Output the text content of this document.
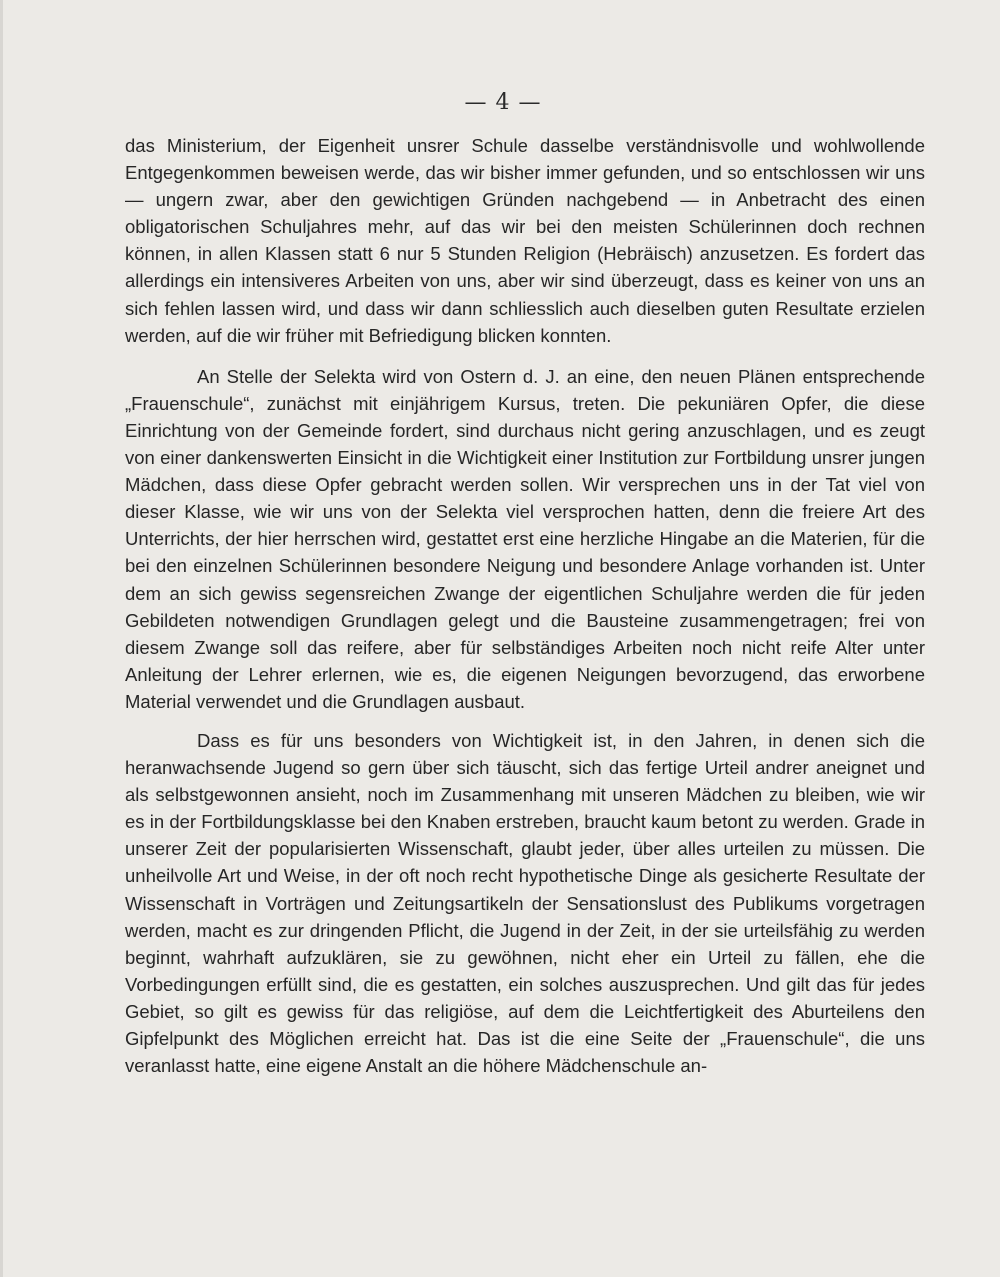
— 4 —

das Ministerium, der Eigenheit unsrer Schule dasselbe verständnisvolle und wohlwollende Entgegenkommen beweisen werde, das wir bisher immer gefunden, und so entschlossen wir uns — ungern zwar, aber den gewichtigen Gründen nachgebend — in Anbetracht des einen obligatorischen Schuljahres mehr, auf das wir bei den meisten Schülerinnen doch rechnen können, in allen Klassen statt 6 nur 5 Stunden Religion (Hebräisch) anzusetzen. Es fordert das allerdings ein intensiveres Arbeiten von uns, aber wir sind überzeugt, dass es keiner von uns an sich fehlen lassen wird, und dass wir dann schliesslich auch dieselben guten Resultate erzielen werden, auf die wir früher mit Befriedigung blicken konnten.

An Stelle der Selekta wird von Ostern d. J. an eine, den neuen Plänen entsprechende „Frauenschule“, zunächst mit einjährigem Kursus, treten. Die pekuniären Opfer, die diese Einrichtung von der Gemeinde fordert, sind durchaus nicht gering anzuschlagen, und es zeugt von einer dankenswerten Einsicht in die Wichtigkeit einer Institution zur Fortbildung unsrer jungen Mädchen, dass diese Opfer gebracht werden sollen. Wir versprechen uns in der Tat viel von dieser Klasse, wie wir uns von der Selekta viel versprochen hatten, denn die freiere Art des Unterrichts, der hier herrschen wird, gestattet erst eine herzliche Hingabe an die Materien, für die bei den einzelnen Schülerinnen besondere Neigung und besondere Anlage vorhanden ist. Unter dem an sich gewiss segensreichen Zwange der eigentlichen Schuljahre werden die für jeden Gebildeten notwendigen Grundlagen gelegt und die Bausteine zusammengetragen; frei von diesem Zwange soll das reifere, aber für selbständiges Arbeiten noch nicht reife Alter unter Anleitung der Lehrer erlernen, wie es, die eigenen Neigungen bevorzugend, das erworbene Material verwendet und die Grundlagen ausbaut.

Dass es für uns besonders von Wichtigkeit ist, in den Jahren, in denen sich die heranwachsende Jugend so gern über sich täuscht, sich das fertige Urteil andrer aneignet und als selbstgewonnen ansieht, noch im Zusammenhang mit unseren Mädchen zu bleiben, wie wir es in der Fortbildungsklasse bei den Knaben erstreben, braucht kaum betont zu werden. Grade in unserer Zeit der popularisierten Wissenschaft, glaubt jeder, über alles urteilen zu müssen. Die unheilvolle Art und Weise, in der oft noch recht hypothetische Dinge als gesicherte Resultate der Wissenschaft in Vorträgen und Zeitungsartikeln der Sensationslust des Publikums vorgetragen werden, macht es zur dringenden Pflicht, die Jugend in der Zeit, in der sie urteilsfähig zu werden beginnt, wahrhaft aufzuklären, sie zu gewöhnen, nicht eher ein Urteil zu fällen, ehe die Vorbedingungen erfüllt sind, die es gestatten, ein solches auszusprechen. Und gilt das für jedes Gebiet, so gilt es gewiss für das religiöse, auf dem die Leichtfertigkeit des Aburteilens den Gipfelpunkt des Möglichen erreicht hat. Das ist die eine Seite der „Frauenschule“, die uns veranlasst hatte, eine eigene Anstalt an die höhere Mädchenschule an-
